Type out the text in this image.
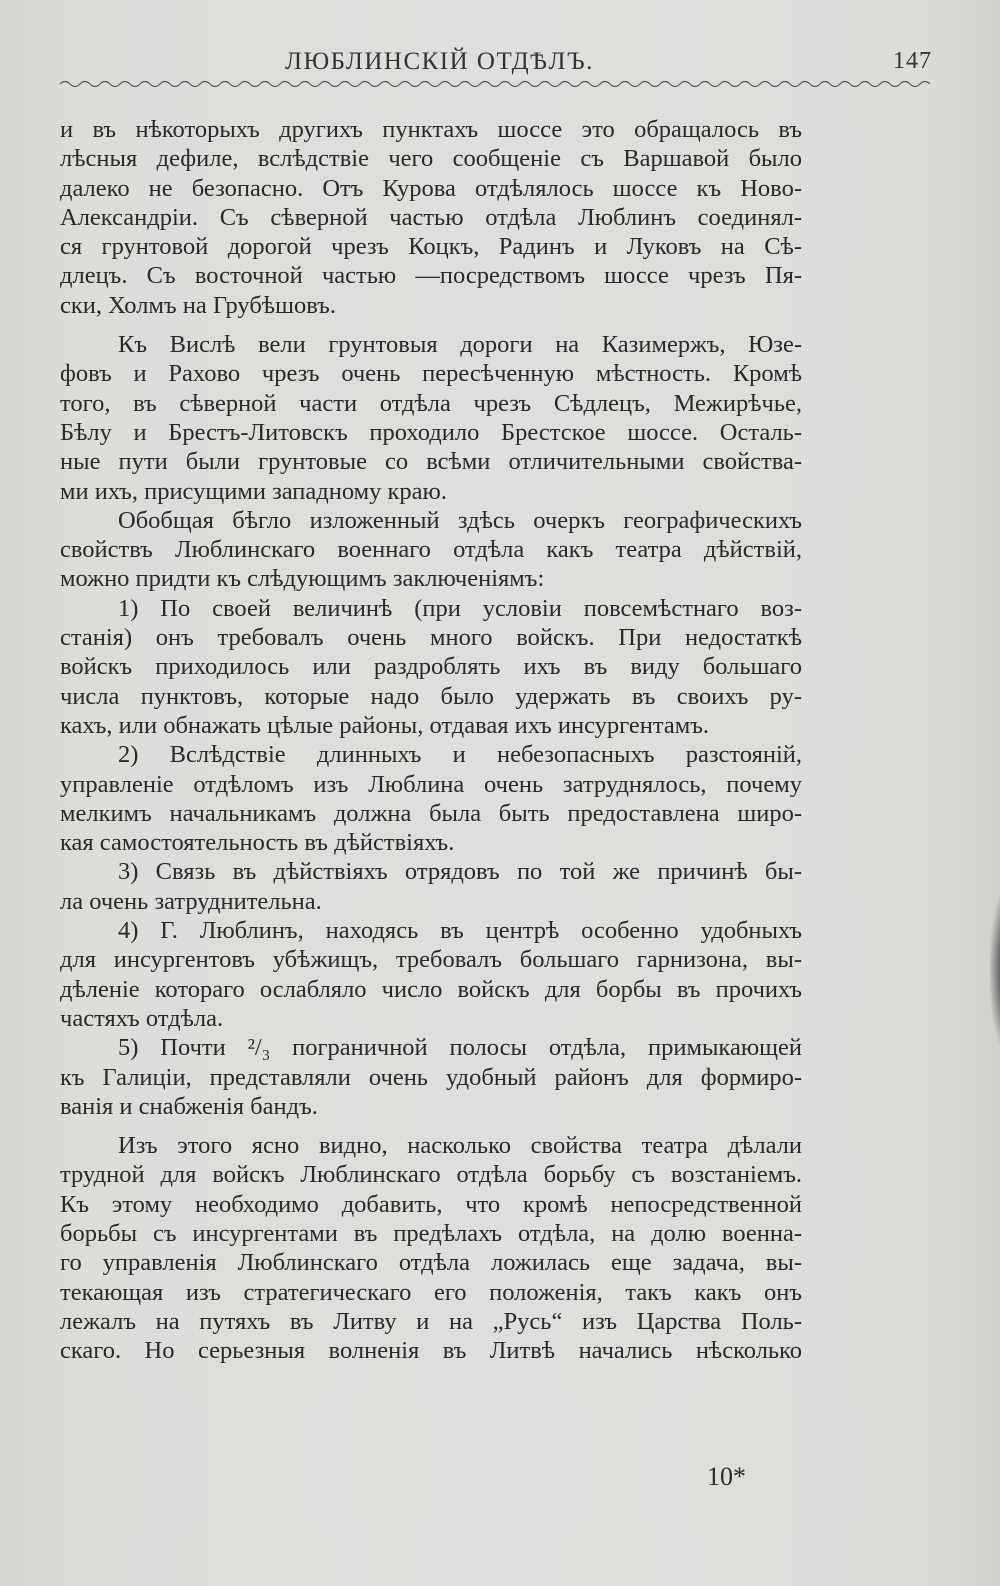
ЛЮБЛИНСКІЙ ОТДѢЛЪ.	147
и въ нѣкоторыхъ другихъ пунктахъ шоссе это обращалось въ
лѣсныя дефиле, вслѣдствіе чего сообщеніе съ Варшавой было
далеко не безопасно. Отъ Курова отдѣлялось шоссе къ Ново-
Александріи. Съ сѣверной частью отдѣла Люблинъ соединял-
ся грунтовой дорогой чрезъ Коцкъ, Радинъ и Луковъ на Сѣ-
длецъ. Съ восточной частью —посредствомъ шоссе чрезъ Пя-
ски, Холмъ на Грубѣшовъ.
Къ Вислѣ вели грунтовыя дороги на Казимержъ, Юзе-
фовъ и Рахово чрезъ очень пересѣченную мѣстность. Кромѣ
того, въ сѣверной части отдѣла чрезъ Сѣдлецъ, Межирѣчье,
Бѣлу и Брестъ-Литовскъ проходило Брестское шоссе. Осталь-
ные пути были грунтовые со всѣми отличительными свойства-
ми ихъ, присущими западному краю.
Обобщая бѣгло изложенный здѣсь очеркъ географическихъ
свойствъ Люблинскаго военнаго отдѣла какъ театра дѣйствій,
можно придти къ слѣдующимъ заключеніямъ:
1) По своей величинѣ (при условіи повсемѣстнаго воз-
станія) онъ требовалъ очень много войскъ. При недостаткѣ
войскъ приходилось или раздроблять ихъ въ виду большаго
числа пунктовъ, которые надо было удержать въ своихъ ру-
кахъ, или обнажать цѣлые районы, отдавая ихъ инсургентамъ.
2) Вслѣдствіе длинныхъ и небезопасныхъ разстояній,
управленіе отдѣломъ изъ Люблина очень затруднялось, почему
мелкимъ начальникамъ должна была быть предоставлена широ-
кая самостоятельность въ дѣйствіяхъ.
3) Связь въ дѣйствіяхъ отрядовъ по той же причинѣ бы-
ла очень затруднительна.
4) Г. Люблинъ, находясь въ центрѣ особенно удобныхъ
для инсургентовъ убѣжищъ, требовалъ большаго гарнизона, вы-
дѣленіе котораго ослабляло число войскъ для борбы въ прочихъ
частяхъ отдѣла.
5) Почти ²/₃ пограничной полосы отдѣла, примыкающей
къ Галиціи, представляли очень удобный районъ для формиро-
ванія и снабженія бандъ.
Изъ этого ясно видно, насколько свойства театра дѣлали
трудной для войскъ Люблинскаго отдѣла борьбу съ возстаніемъ.
Къ этому необходимо добавить, что кромѣ непосредственной
борьбы съ инсургентами въ предѣлахъ отдѣла, на долю военна-
го управленія Люблинскаго отдѣла ложилась еще задача, вы-
текающая изъ стратегическаго его положенія, такъ какъ онъ
лежалъ на путяхъ въ Литву и на „Русь“ изъ Царства Поль-
скаго. Но серьезныя волненія въ Литвѣ начались нѣсколько
10*
